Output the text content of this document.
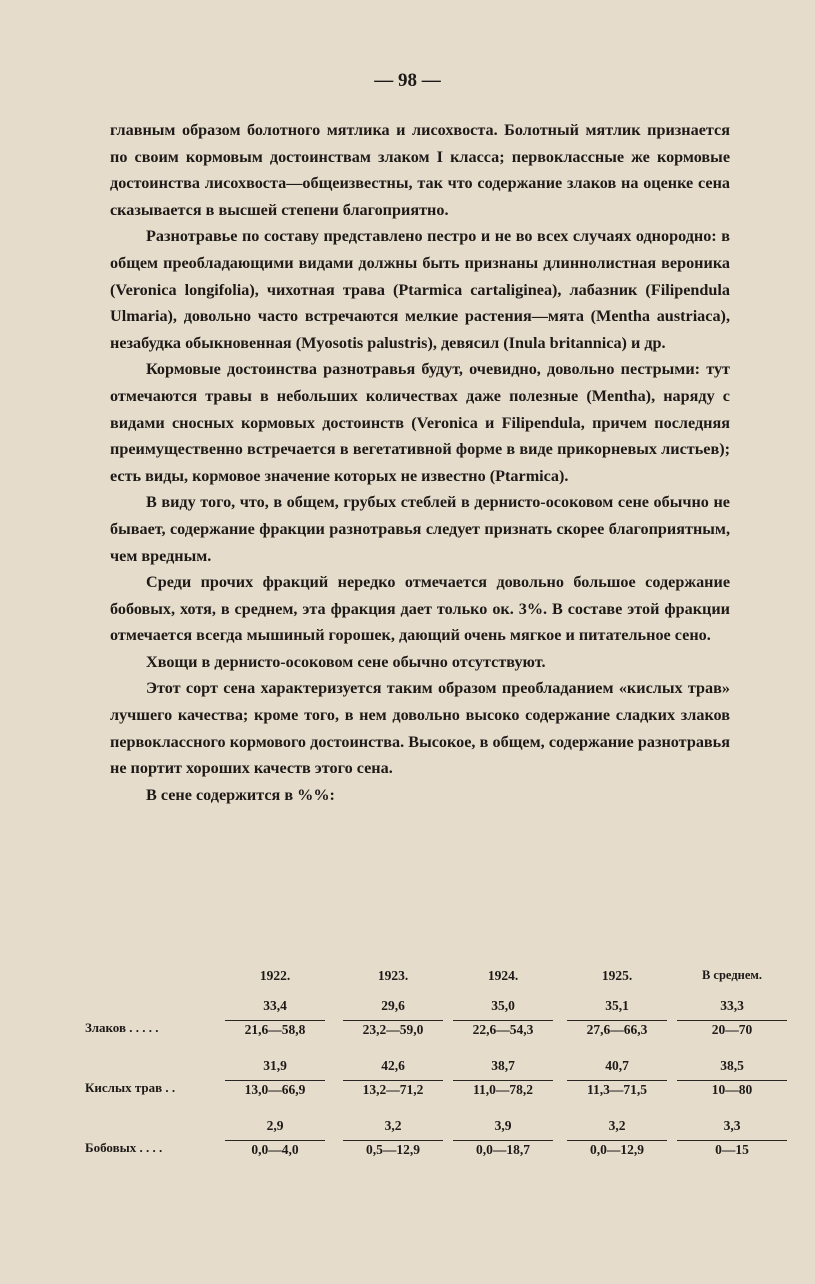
— 98 —

главным образом болотного мятлика и лисохвоста. Болотный мятлик признается по своим кормовым достоинствам злаком I класса; первоклассные же кормовые достоинства лисохвоста—общеизвестны, так что содержание злаков на оценке сена сказывается в высшей степени благоприятно.

Разнотравье по составу представлено пестро и не во всех случаях однородно: в общем преобладающими видами должны быть признаны длиннолистная вероника (Veronica longifolia), чихотная трава (Ptarmica cartaliginea), лабазник (Filipendula Ulmaria), довольно часто встречаются мелкие растения—мята (Mentha austriaca), незабудка обыкновенная (Myosotis palustris), девясил (Inula britannica) и др.

Кормовые достоинства разнотравья будут, очевидно, довольно пестрыми: тут отмечаются травы в небольших количествах даже полезные (Mentha), наряду с видами сносных кормовых достоинств (Veronica и Filipendula, причем последняя преимущественно встречается в вегетативной форме в виде прикорневых листьев); есть виды, кормовое значение которых не известно (Ptarmica).

В виду того, что, в общем, грубых стеблей в дернисто-осоковом сене обычно не бывает, содержание фракции разнотравья следует признать скорее благоприятным, чем вредным.

Среди прочих фракций нередко отмечается довольно большое содержание бобовых, хотя, в среднем, эта фракция дает только ок. 3%. В составе этой фракции отмечается всегда мышиный горошек, дающий очень мягкое и питательное сено.

Хвощи в дернисто-осоковом сене обычно отсутствуют.

Этот сорт сена характеризуется таким образом преобладанием «кислых трав» лучшего качества; кроме того, в нем довольно высоко содержание сладких злаков первоклассного кормового достоинства. Высокое, в общем, содержание разнотравья не портит хороших качеств этого сена.

В сене содержится в %%:

1922.	1923.	1924.	1925.	В среднем.
Злаков . . . . .
33,4	29,6	35,0	35,1	33,3
21,6—58,8	23,2—59,0	22,6—54,3	27,6—66,3	20—70
Кислых трав . .
31,9	42,6	38,7	40,7	38,5
13,0—66,9	13,2—71,2	11,0—78,2	11,3—71,5	10—80
Бобовых . . . .
2,9	3,2	3,9	3,2	3,3
0,0—4,0	0,5—12,9	0,0—18,7	0,0—12,9	0—15
